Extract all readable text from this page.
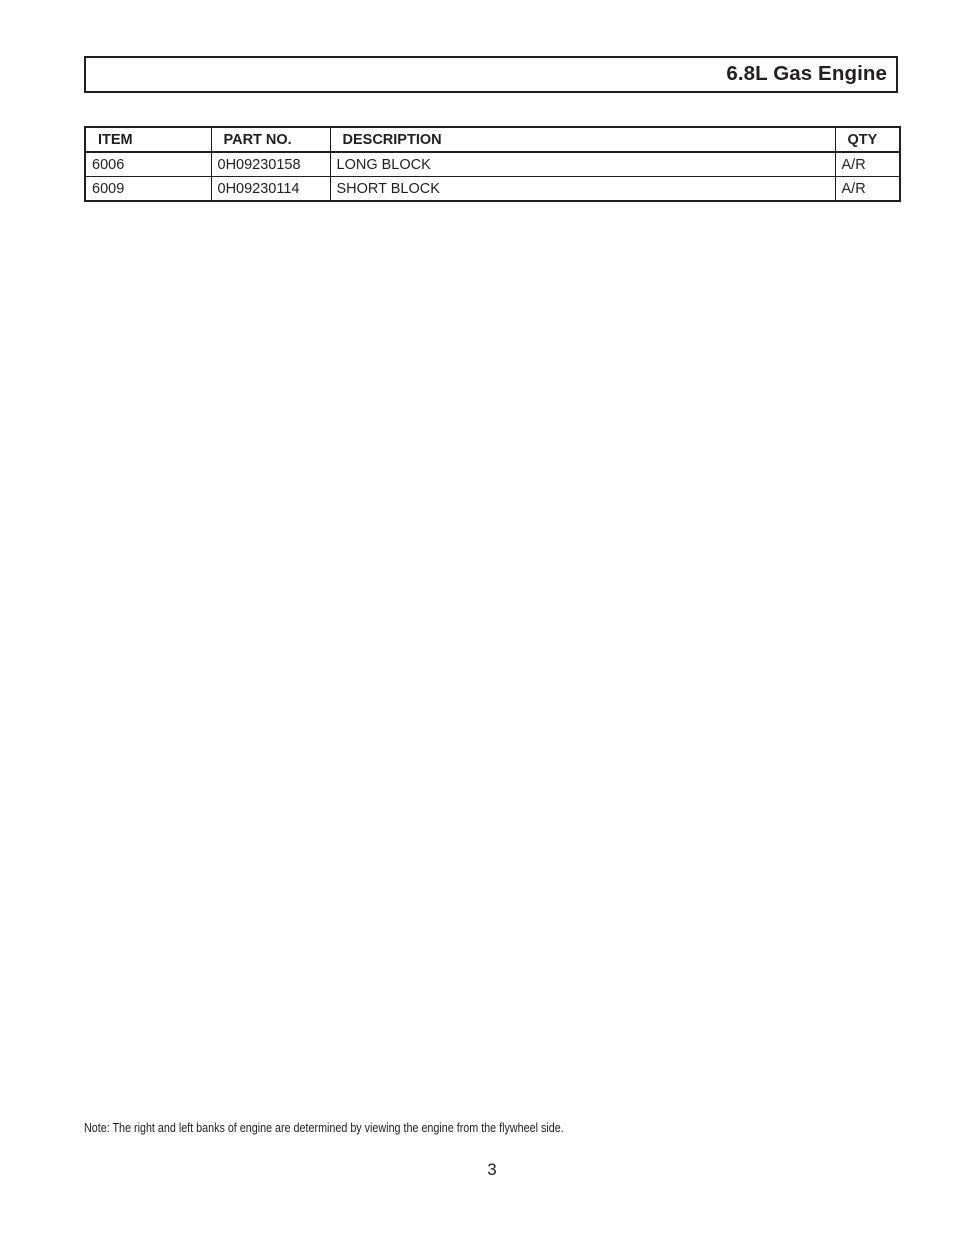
6.8L Gas Engine
ITEM	PART NO.	DESCRIPTION	QTY
6006	0H09230158	LONG BLOCK	A/R
6009	0H09230114	SHORT BLOCK	A/R
Note: The right and left banks of engine are determined by viewing the engine from the flywheel side.
3
